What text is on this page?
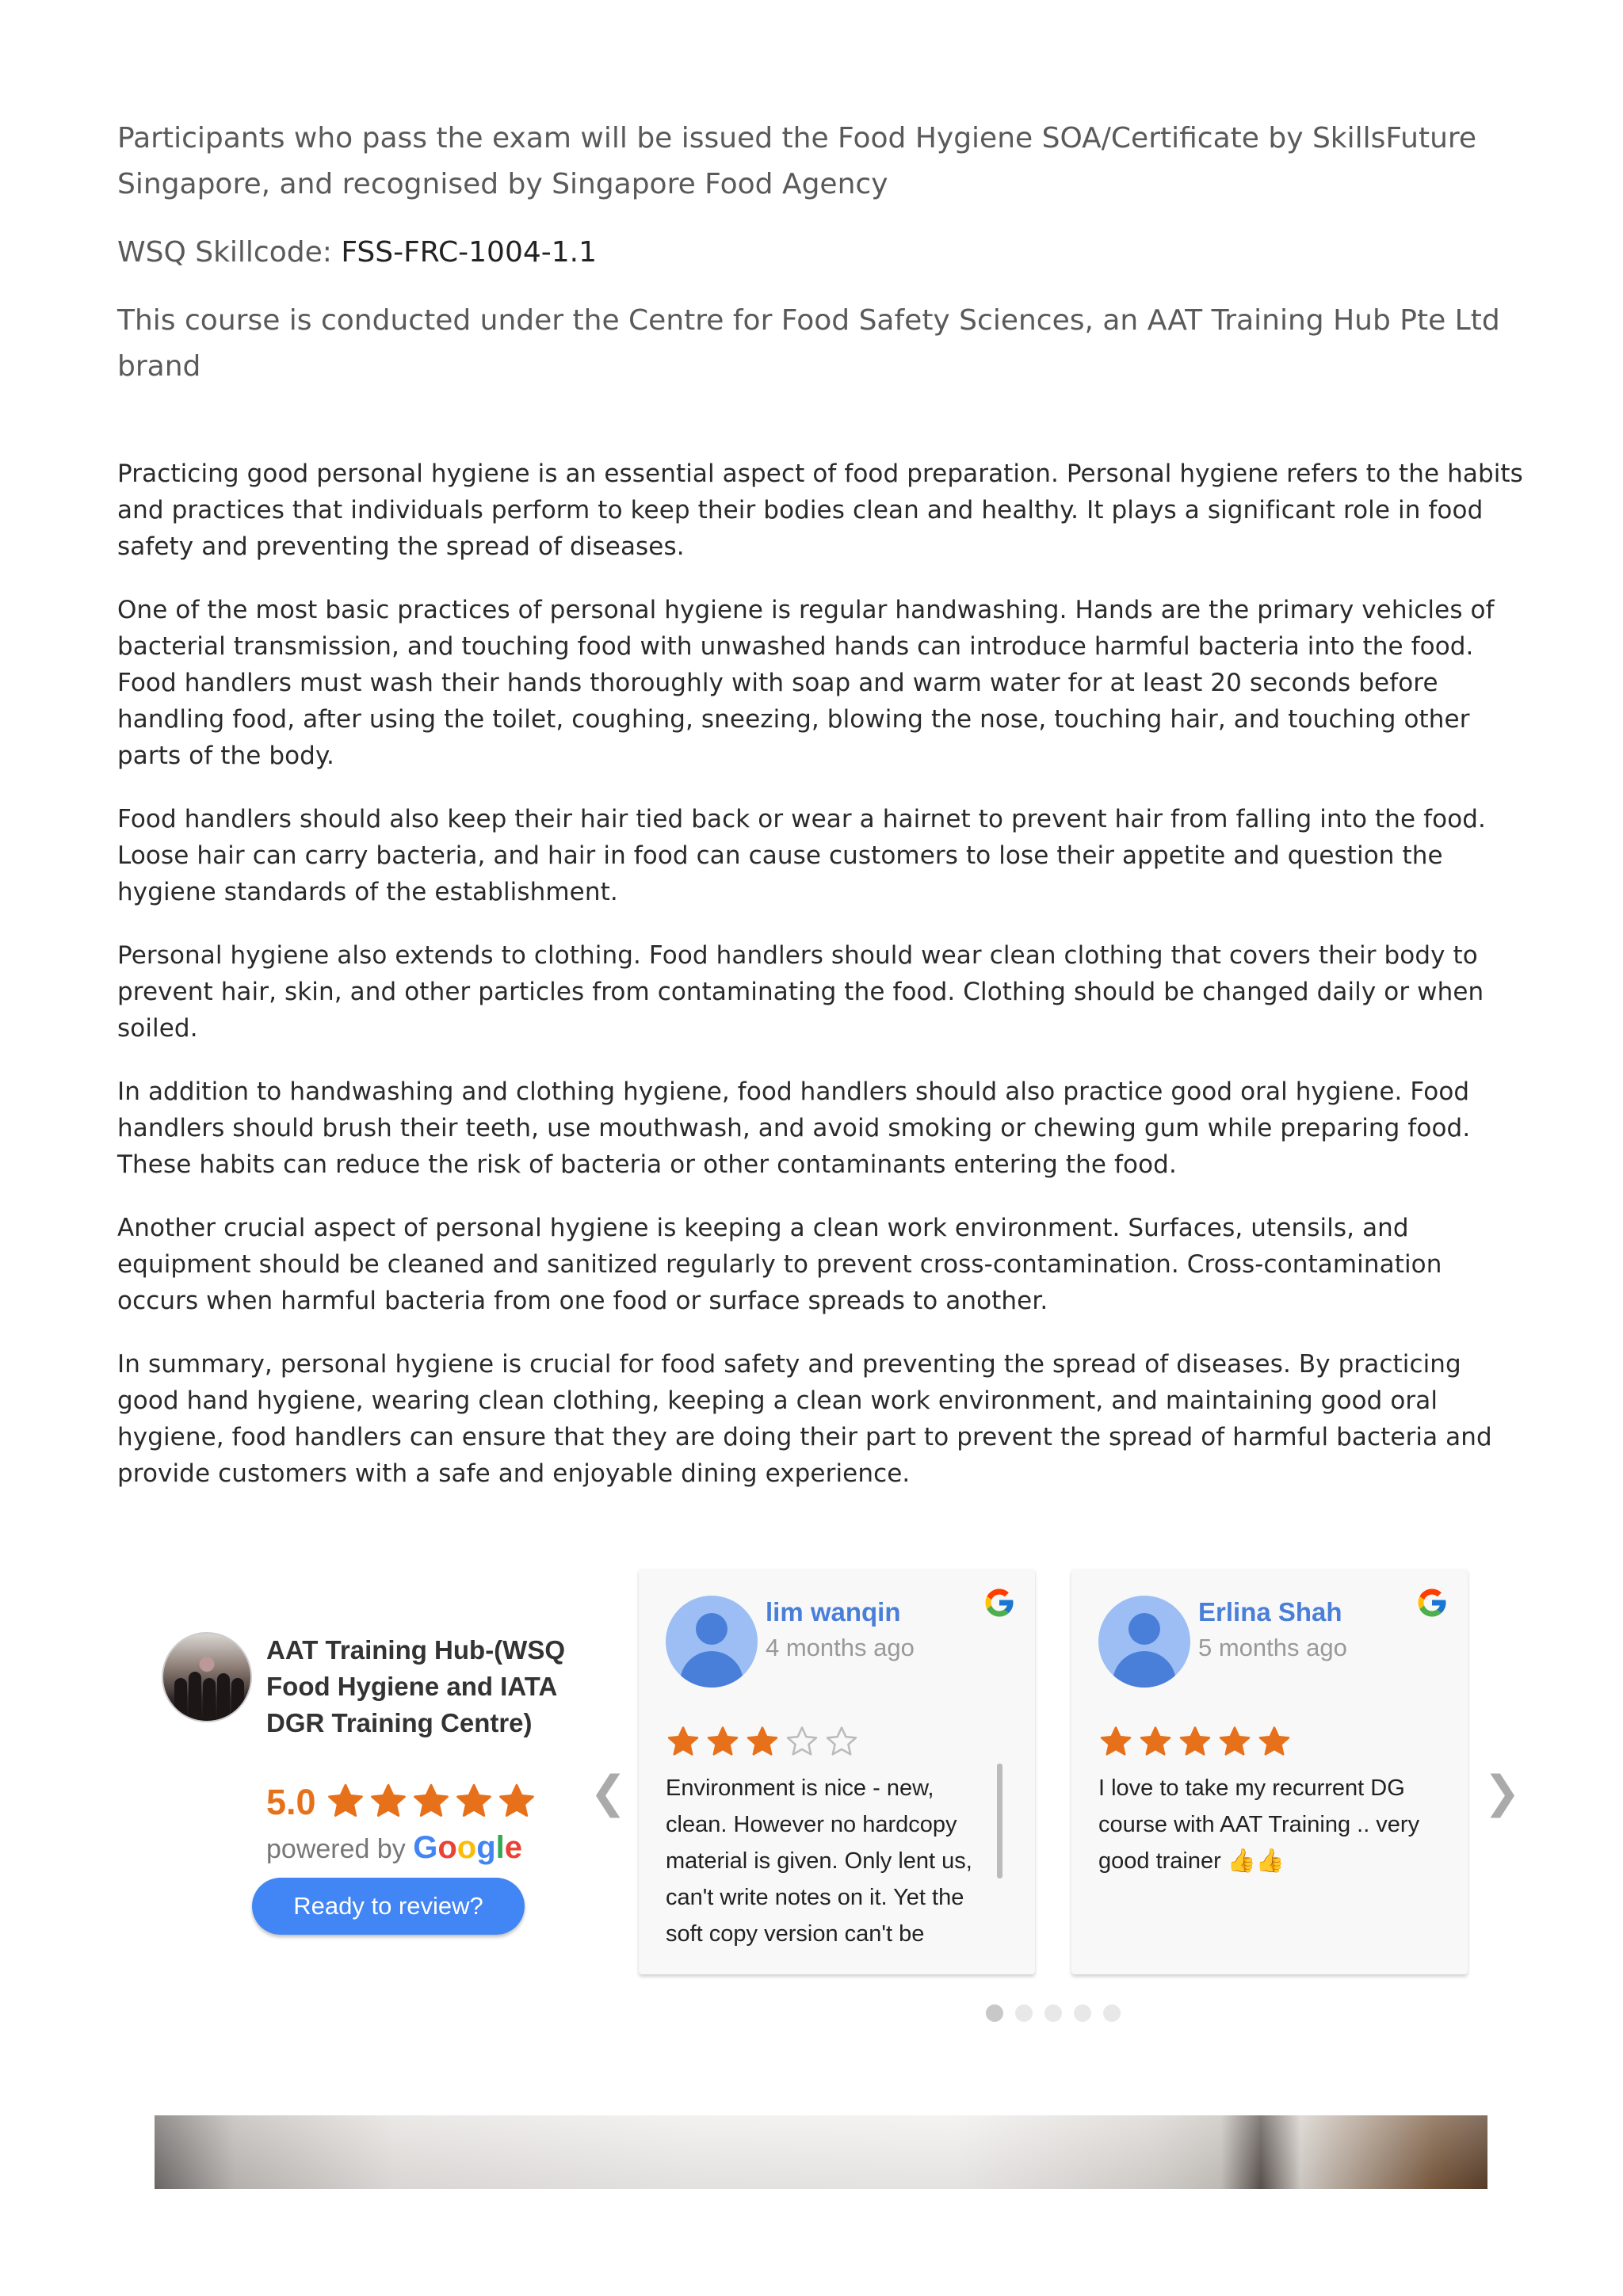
Participants who pass the exam will be issued the Food Hygiene SOA/Certificate by SkillsFuture Singapore, and recognised by Singapore Food Agency

WSQ Skillcode: FSS-FRC-1004-1.1

This course is conducted under the Centre for Food Safety Sciences, an AAT Training Hub Pte Ltd brand

Practicing good personal hygiene is an essential aspect of food preparation. Personal hygiene refers to the habits and practices that individuals perform to keep their bodies clean and healthy. It plays a significant role in food safety and preventing the spread of diseases.

One of the most basic practices of personal hygiene is regular handwashing. Hands are the primary vehicles of bacterial transmission, and touching food with unwashed hands can introduce harmful bacteria into the food. Food handlers must wash their hands thoroughly with soap and warm water for at least 20 seconds before handling food, after using the toilet, coughing, sneezing, blowing the nose, touching hair, and touching other parts of the body.

Food handlers should also keep their hair tied back or wear a hairnet to prevent hair from falling into the food. Loose hair can carry bacteria, and hair in food can cause customers to lose their appetite and question the hygiene standards of the establishment.

Personal hygiene also extends to clothing. Food handlers should wear clean clothing that covers their body to prevent hair, skin, and other particles from contaminating the food. Clothing should be changed daily or when soiled.

In addition to handwashing and clothing hygiene, food handlers should also practice good oral hygiene. Food handlers should brush their teeth, use mouthwash, and avoid smoking or chewing gum while preparing food. These habits can reduce the risk of bacteria or other contaminants entering the food.

Another crucial aspect of personal hygiene is keeping a clean work environment. Surfaces, utensils, and equipment should be cleaned and sanitized regularly to prevent cross-contamination. Cross-contamination occurs when harmful bacteria from one food or surface spreads to another.

In summary, personal hygiene is crucial for food safety and preventing the spread of diseases. By practicing good hand hygiene, wearing clean clothing, keeping a clean work environment, and maintaining good oral hygiene, food handlers can ensure that they are doing their part to prevent the spread of harmful bacteria and provide customers with a safe and enjoyable dining experience.

AAT Training Hub-(WSQ Food Hygiene and IATA DGR Training Centre)
5.0
powered by Google
Ready to review?
❮
lim wanqin
4 months ago
Environment is nice - new, clean. However no hardcopy material is given. Only lent us, can't write notes on it. Yet the soft copy version can't be
Erlina Shah
5 months ago
I love to take my recurrent DG course with AAT Training .. very good trainer 👍👍
❯
